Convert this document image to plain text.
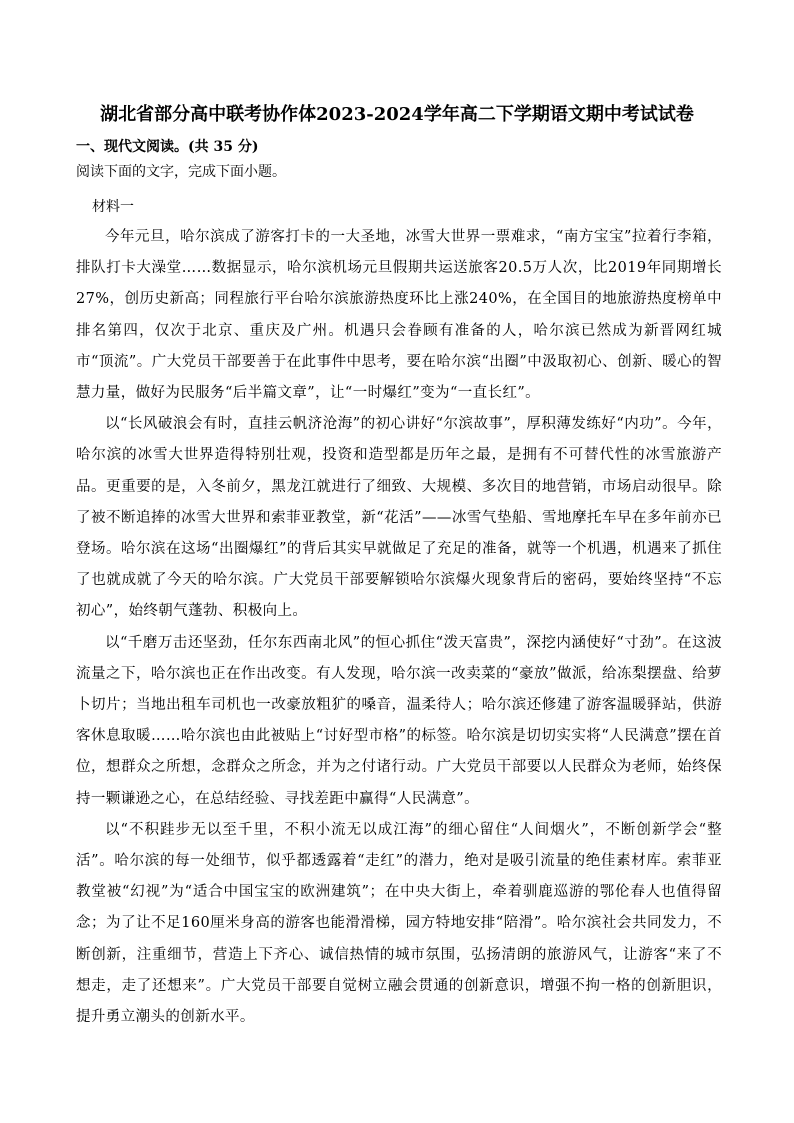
湖北省部分高中联考协作体2023-2024学年高二下学期语文期中考试试卷
一、现代文阅读。(共 35 分)
阅读下面的文字，完成下面小题。
材料一

今年元旦，哈尔滨成了游客打卡的一大圣地，冰雪大世界一票难求，“南方宝宝”拉着行李箱，排队打卡大澡堂……数据显示，哈尔滨机场元旦假期共运送旅客20.5万人次，比2019年同期增长27%，创历史新高；同程旅行平台哈尔滨旅游热度环比上涨240%，在全国目的地旅游热度榜单中排名第四，仅次于北京、重庆及广州。机遇只会眷顾有准备的人，哈尔滨已然成为新晋网红城市“顶流”。广大党员干部要善于在此事件中思考，要在哈尔滨“出圈”中汲取初心、创新、暖心的智慧力量，做好为民服务“后半篇文章”，让“一时爆红”变为“一直长红”。

以“长风破浪会有时，直挂云帆济沧海”的初心讲好“尔滨故事”，厚积薄发练好“内功”。今年，哈尔滨的冰雪大世界造得特别壮观，投资和造型都是历年之最，是拥有不可替代性的冰雪旅游产品。更重要的是，入冬前夕，黑龙江就进行了细致、大规模、多次目的地营销，市场启动很早。除了被不断追捧的冰雪大世界和索菲亚教堂，新“花活”——冰雪气垫船、雪地摩托车早在多年前亦已登场。哈尔滨在这场“出圈爆红”的背后其实早就做足了充足的准备，就等一个机遇，机遇来了抓住了也就成就了今天的哈尔滨。广大党员干部要解锁哈尔滨爆火现象背后的密码，要始终坚持“不忘初心”，始终朝气蓬勃、积极向上。

以“千磨万击还坚劲，任尔东西南北风”的恒心抓住“泼天富贵”，深挖内涵使好“寸劲”。在这波流量之下，哈尔滨也正在作出改变。有人发现，哈尔滨一改卖菜的“豪放”做派，给冻梨摆盘、给萝卜切片；当地出租车司机也一改豪放粗犷的嗓音，温柔待人；哈尔滨还修建了游客温暖驿站，供游客休息取暖……哈尔滨也由此被贴上“讨好型市格”的标签。哈尔滨是切切实实将“人民满意”摆在首位，想群众之所想，念群众之所念，并为之付诸行动。广大党员干部要以人民群众为老师，始终保持一颗谦逊之心，在总结经验、寻找差距中赢得“人民满意”。

以“不积跬步无以至千里，不积小流无以成江海”的细心留住“人间烟火”，不断创新学会“整活”。哈尔滨的每一处细节，似乎都透露着“走红”的潜力，绝对是吸引流量的绝佳素材库。索菲亚教堂被“幻视”为“适合中国宝宝的欧洲建筑”；在中央大街上，牵着驯鹿巡游的鄂伦春人也值得留念；为了让不足160厘米身高的游客也能滑滑梯，园方特地安排“陪滑”。哈尔滨社会共同发力，不断创新，注重细节，营造上下齐心、诚信热情的城市氛围，弘扬清朗的旅游风气，让游客“来了不想走，走了还想来”。广大党员干部要自觉树立融会贯通的创新意识，增强不拘一格的创新胆识，提升勇立潮头的创新水平。
